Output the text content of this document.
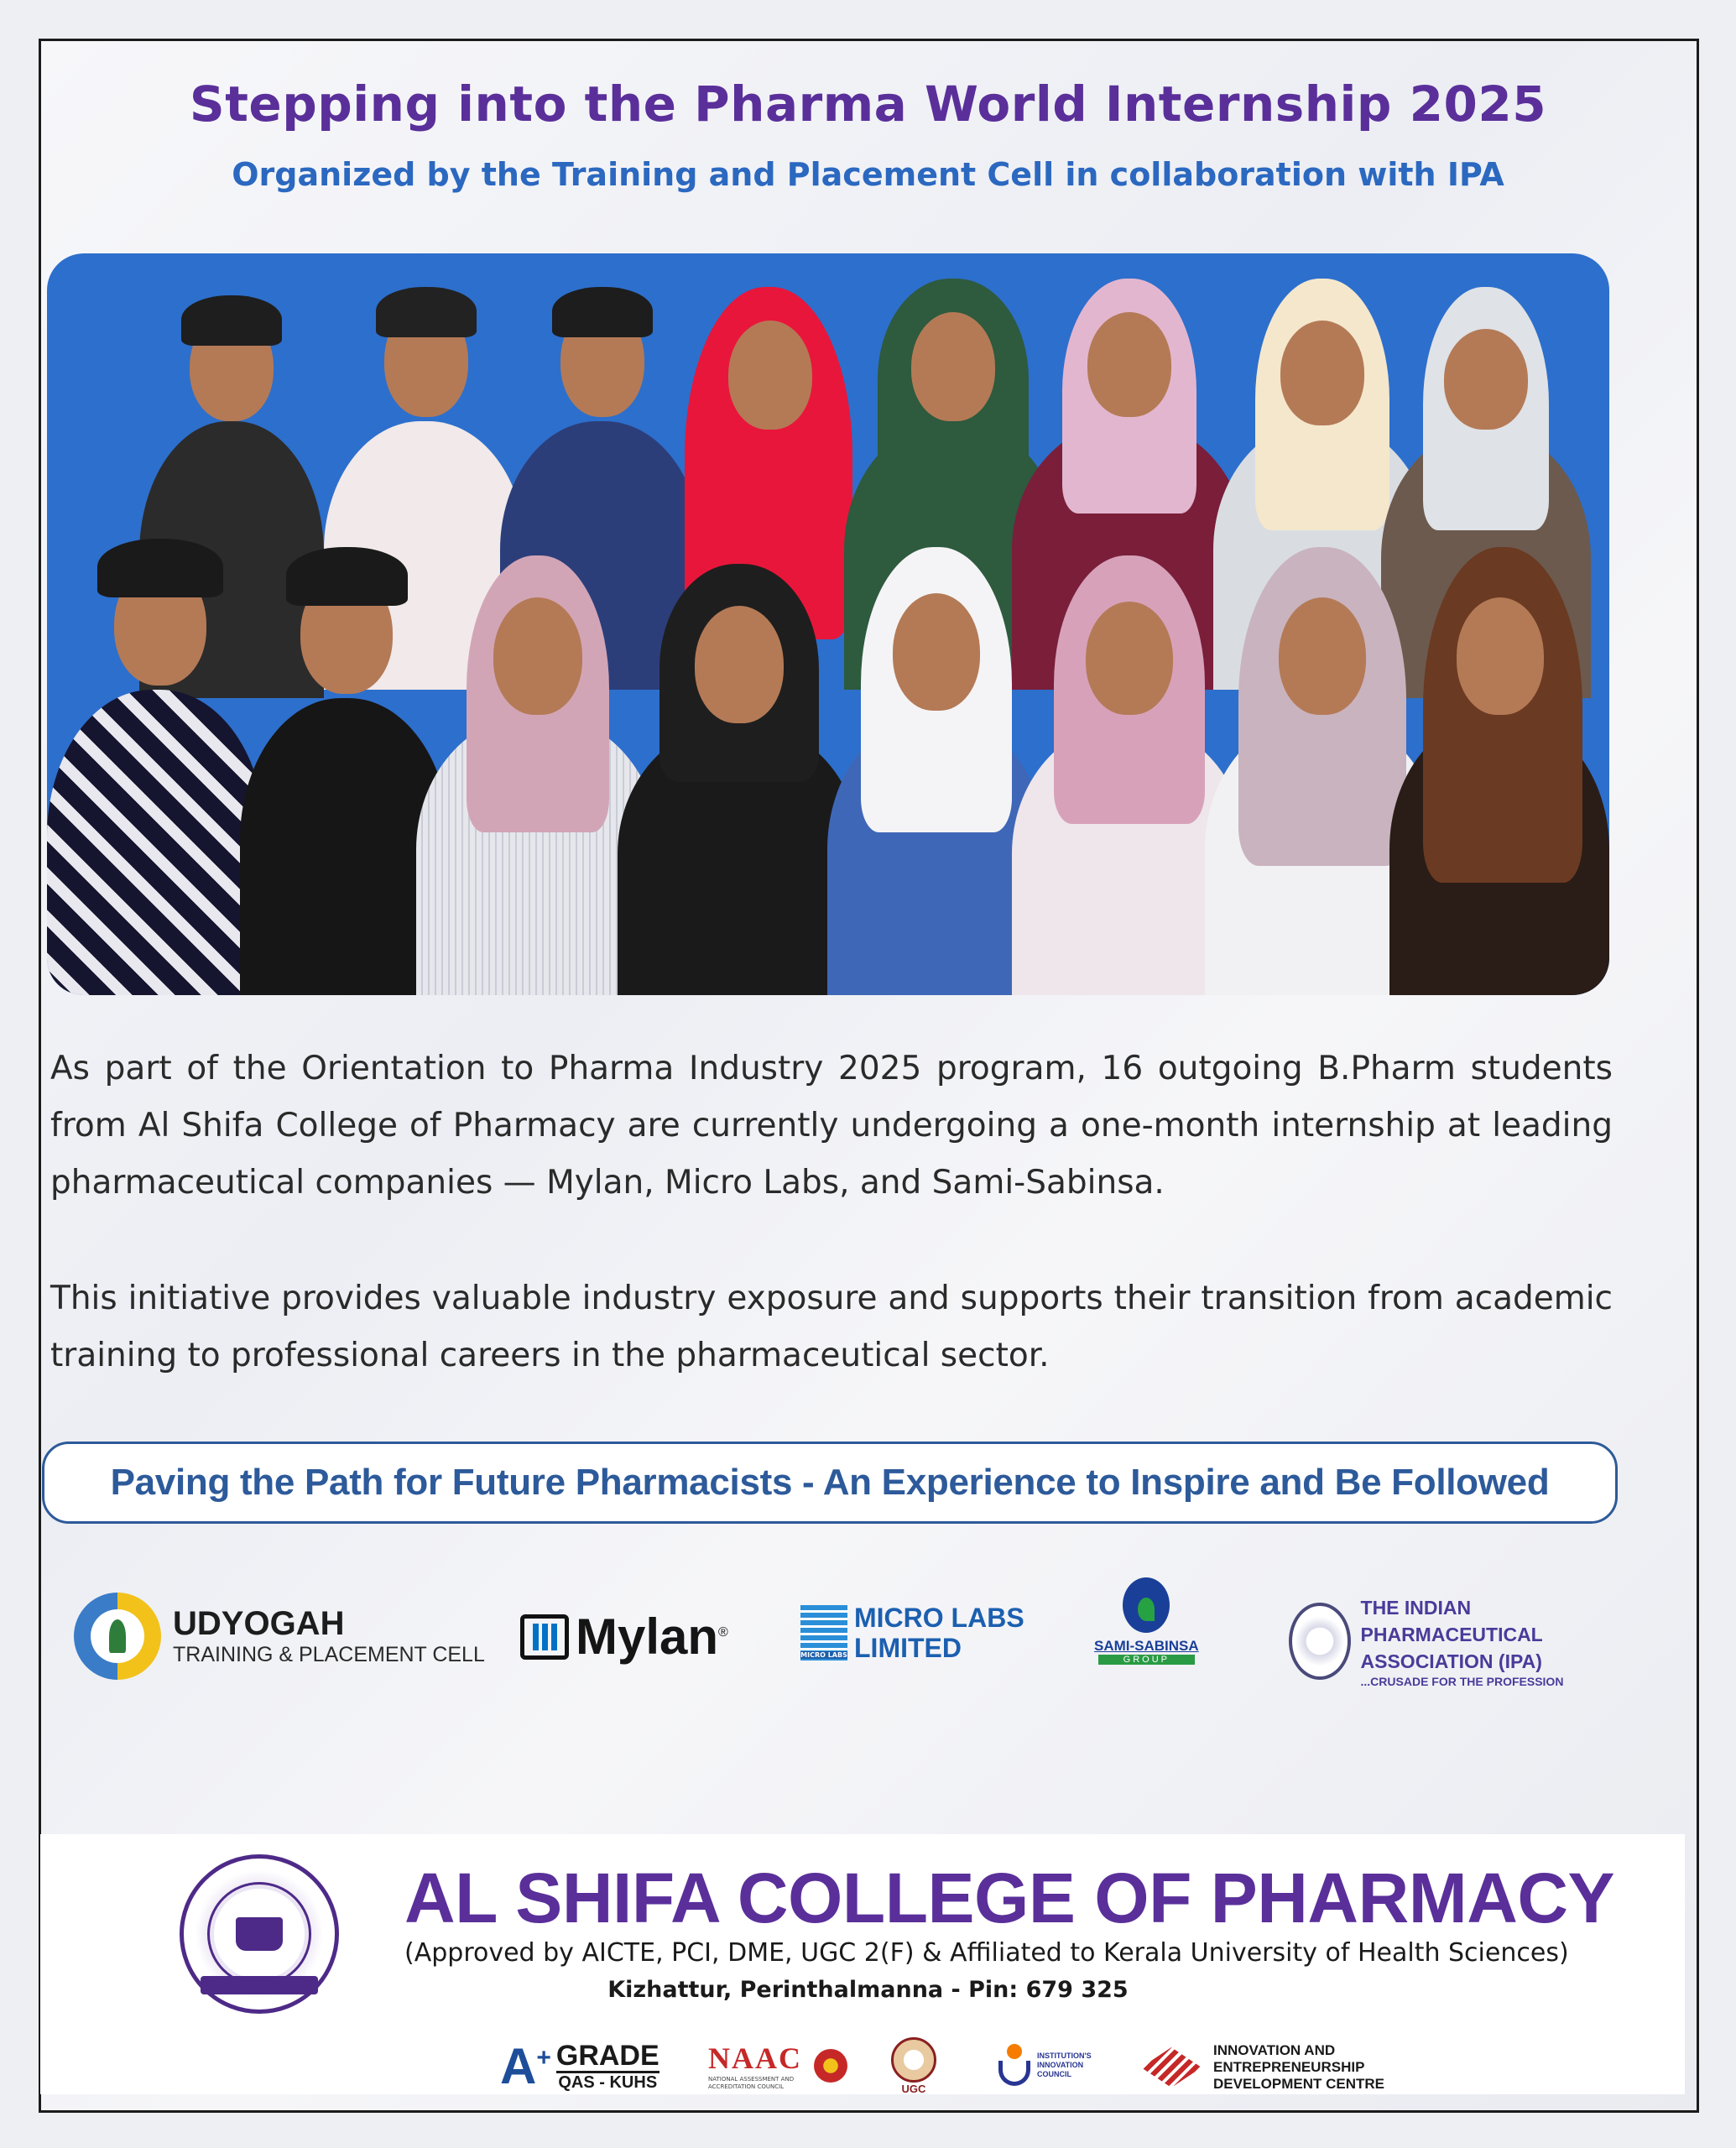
Stepping into the Pharma World Internship 2025
Organized by the Training and Placement Cell in collaboration with IPA
As part of the Orientation to Pharma Industry 2025 program, 16 outgoing B.Pharm students from Al Shifa College of Pharmacy are currently undergoing a one-month internship at leading pharmaceutical companies — Mylan, Micro Labs, and Sami-Sabinsa.
This initiative provides valuable industry exposure and supports their transition from academic training to professional careers in the pharmaceutical sector.
Paving the Path for Future Pharmacists - An Experience to Inspire and Be Followed
UDYOGAH
TRAINING & PLACEMENT CELL Mylan®
MICRO LABS
MICRO LABS
LIMITED	SAMI-SABINSA
GROUP
THE INDIAN PHARMACEUTICAL
ASSOCIATION (IPA)
...CRUSADE FOR THE PROFESSION
AL SHIFA COLLEGE OF PHARMACY
(Approved by AICTE, PCI, DME, UGC 2(F) & Affiliated to Kerala University of Health Sciences)
Kizhattur, Perinthalmanna - Pin: 679 325
A+ GRADE
QAS - KUHS
NAAC
NATIONAL ASSESSMENT AND ACCREDITATION COUNCIL	UGC
INSTITUTION'S INNOVATION COUNCIL
INNOVATION AND
ENTREPRENEURSHIP
DEVELOPMENT CENTRE
